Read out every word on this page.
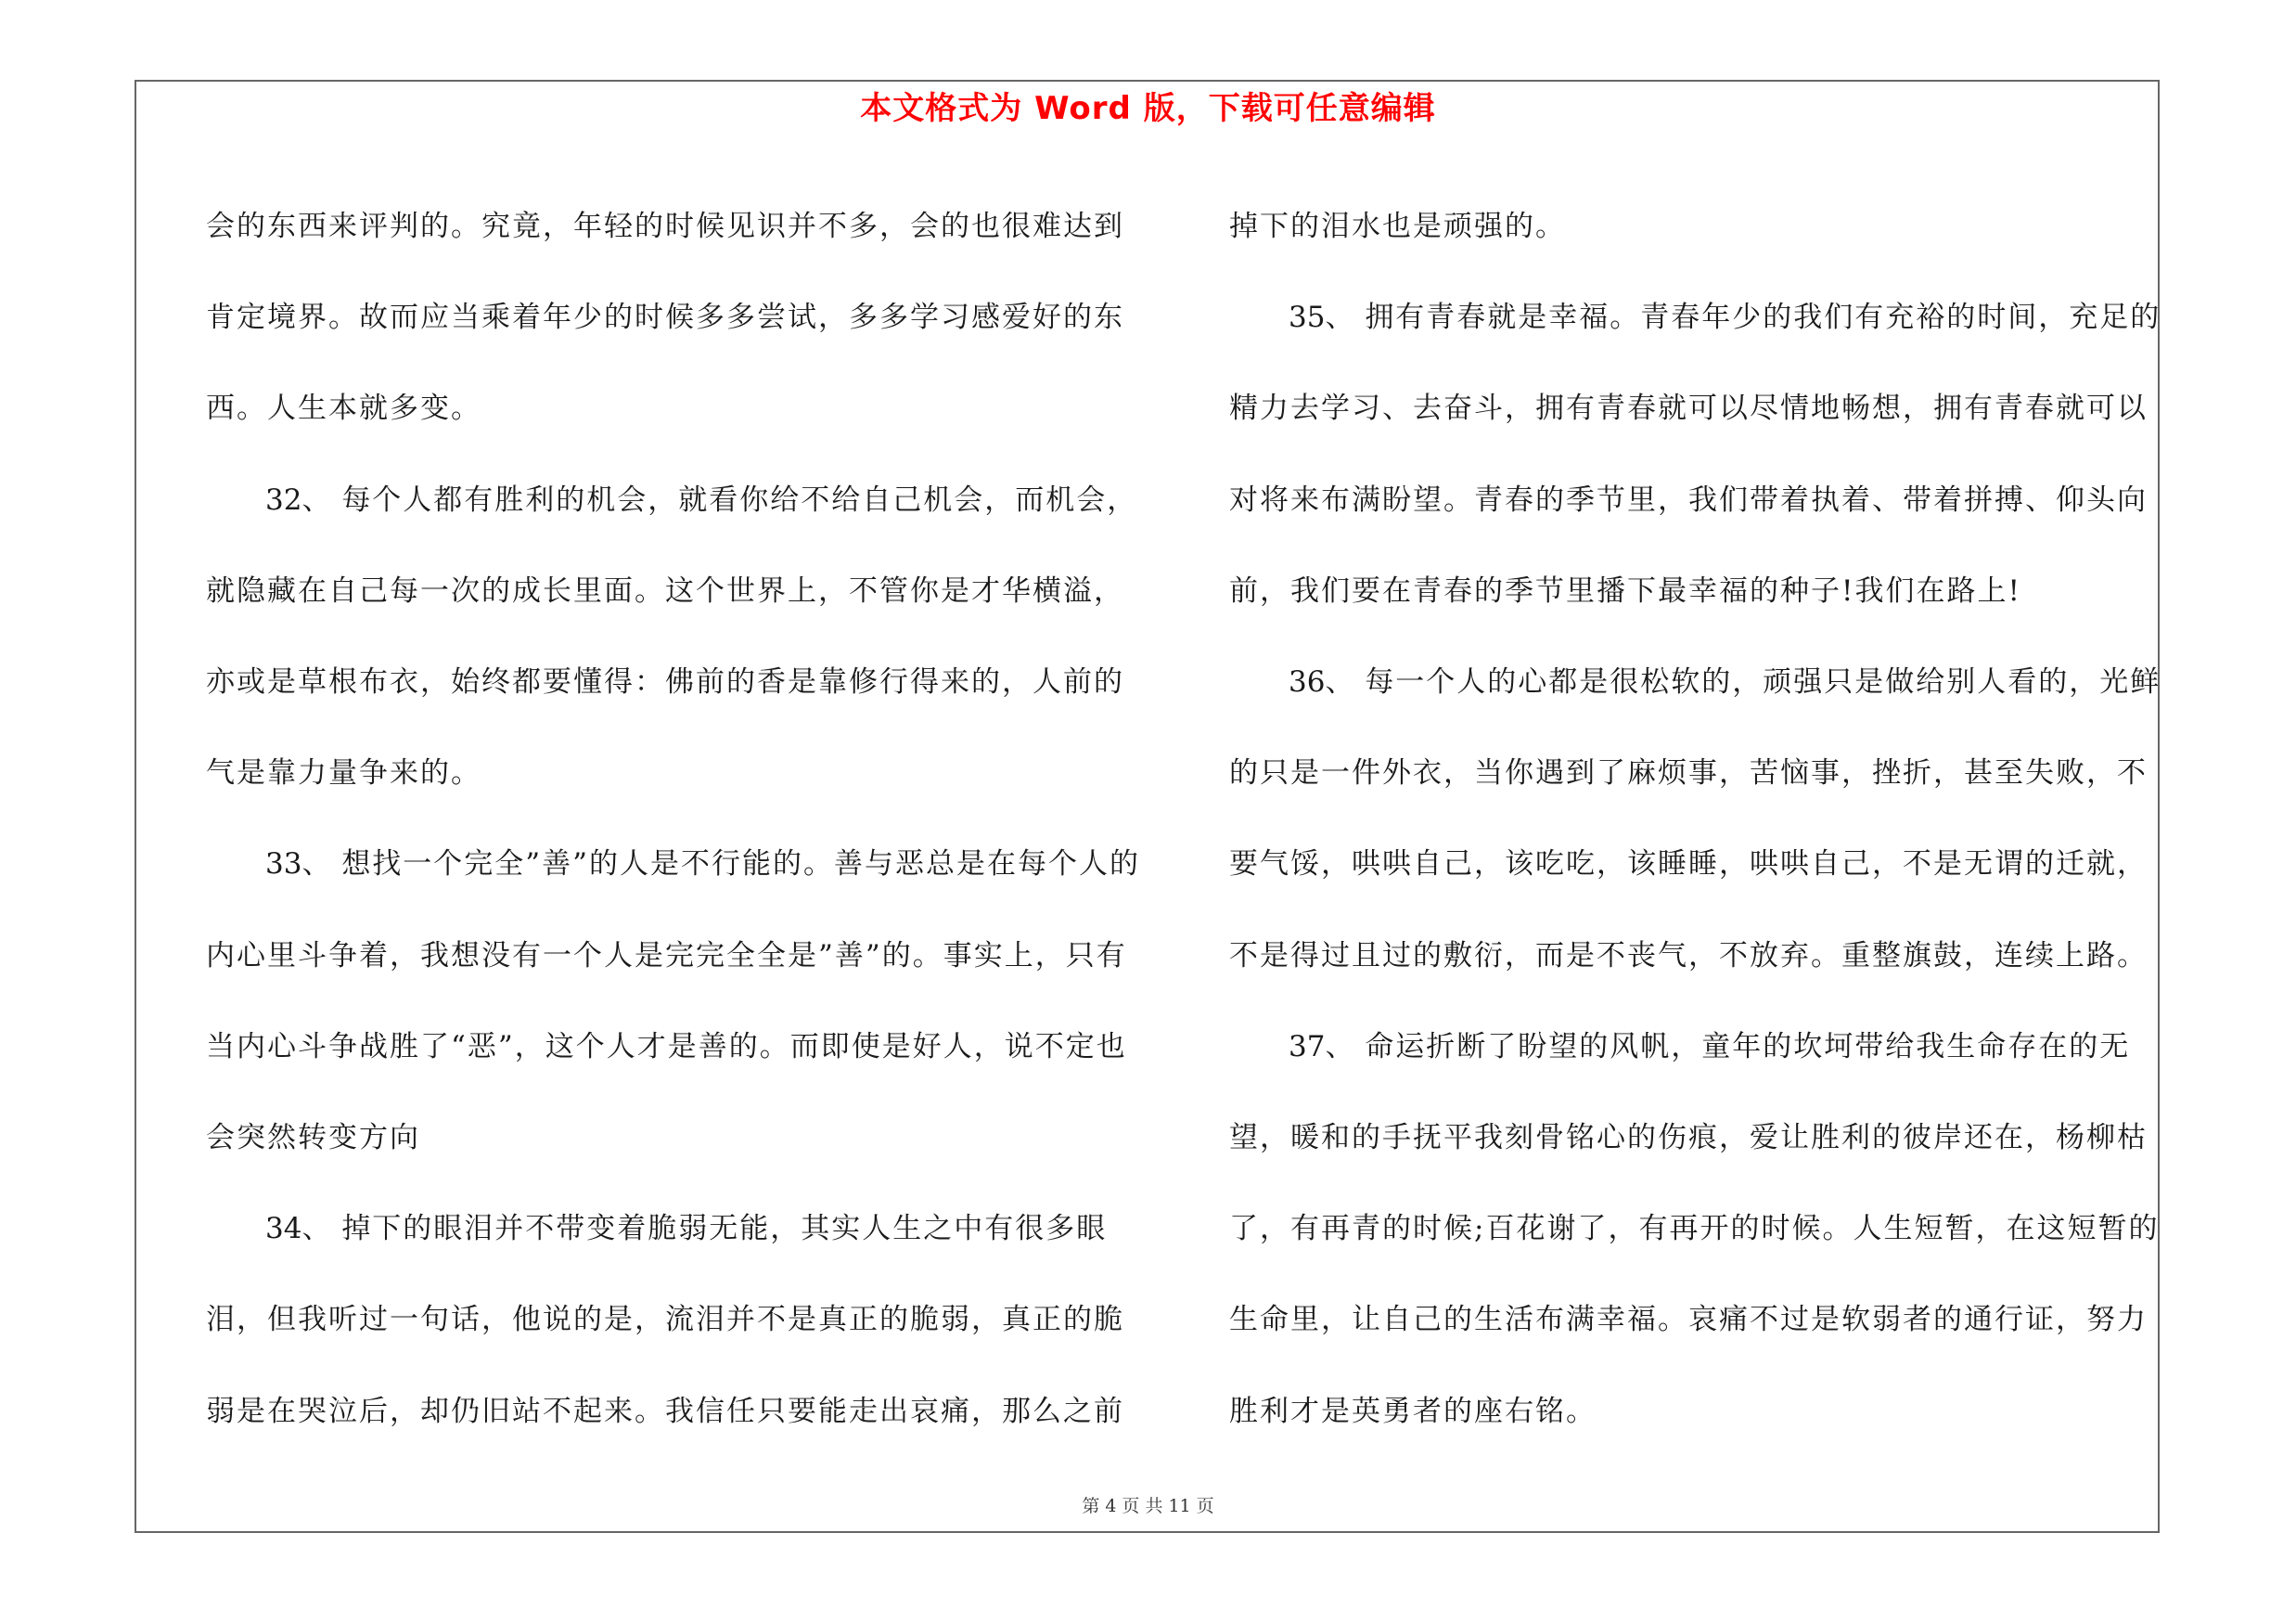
本文格式为 Word 版，下载可任意编辑

会的东西来评判的。究竟，年轻的时候见识并不多，会的也很难达到肯定境界。故而应当乘着年少的时候多多尝试，多多学习感爱好的东西。人生本就多变。

32、 每个人都有胜利的机会，就看你给不给自己机会，而机会，就隐藏在自己每一次的成长里面。这个世界上，不管你是才华横溢，亦或是草根布衣，始终都要懂得：佛前的香是靠修行得来的，人前的气是靠力量争来的。

33、 想找一个完全”善”的人是不行能的。善与恶总是在每个人的内心里斗争着，我想没有一个人是完完全全是”善”的。事实上，只有当内心斗争战胜了“恶”，这个人才是善的。而即使是好人，说不定也会突然转变方向

34、 掉下的眼泪并不带变着脆弱无能，其实人生之中有很多眼泪，但我听过一句话，他说的是，流泪并不是真正的脆弱，真正的脆弱是在哭泣后，却仍旧站不起来。我信任只要能走出哀痛，那么之前

掉下的泪水也是顽强的。

35、 拥有青春就是幸福。青春年少的我们有充裕的时间，充足的精力去学习、去奋斗，拥有青春就可以尽情地畅想，拥有青春就可以对将来布满盼望。青春的季节里，我们带着执着、带着拼搏、仰头向前，我们要在青春的季节里播下最幸福的种子!我们在路上!

36、 每一个人的心都是很松软的，顽强只是做给别人看的，光鲜的只是一件外衣，当你遇到了麻烦事，苦恼事，挫折，甚至失败，不要气馁，哄哄自己，该吃吃，该睡睡，哄哄自己，不是无谓的迁就，不是得过且过的敷衍，而是不丧气，不放弃。重整旗鼓，连续上路。

37、 命运折断了盼望的风帆，童年的坎坷带给我生命存在的无望，暖和的手抚平我刻骨铭心的伤痕，爱让胜利的彼岸还在，杨柳枯了，有再青的时候;百花谢了，有再开的时候。人生短暂，在这短暂的生命里，让自己的生活布满幸福。哀痛不过是软弱者的通行证，努力胜利才是英勇者的座右铭。

第 4 页 共 11 页
